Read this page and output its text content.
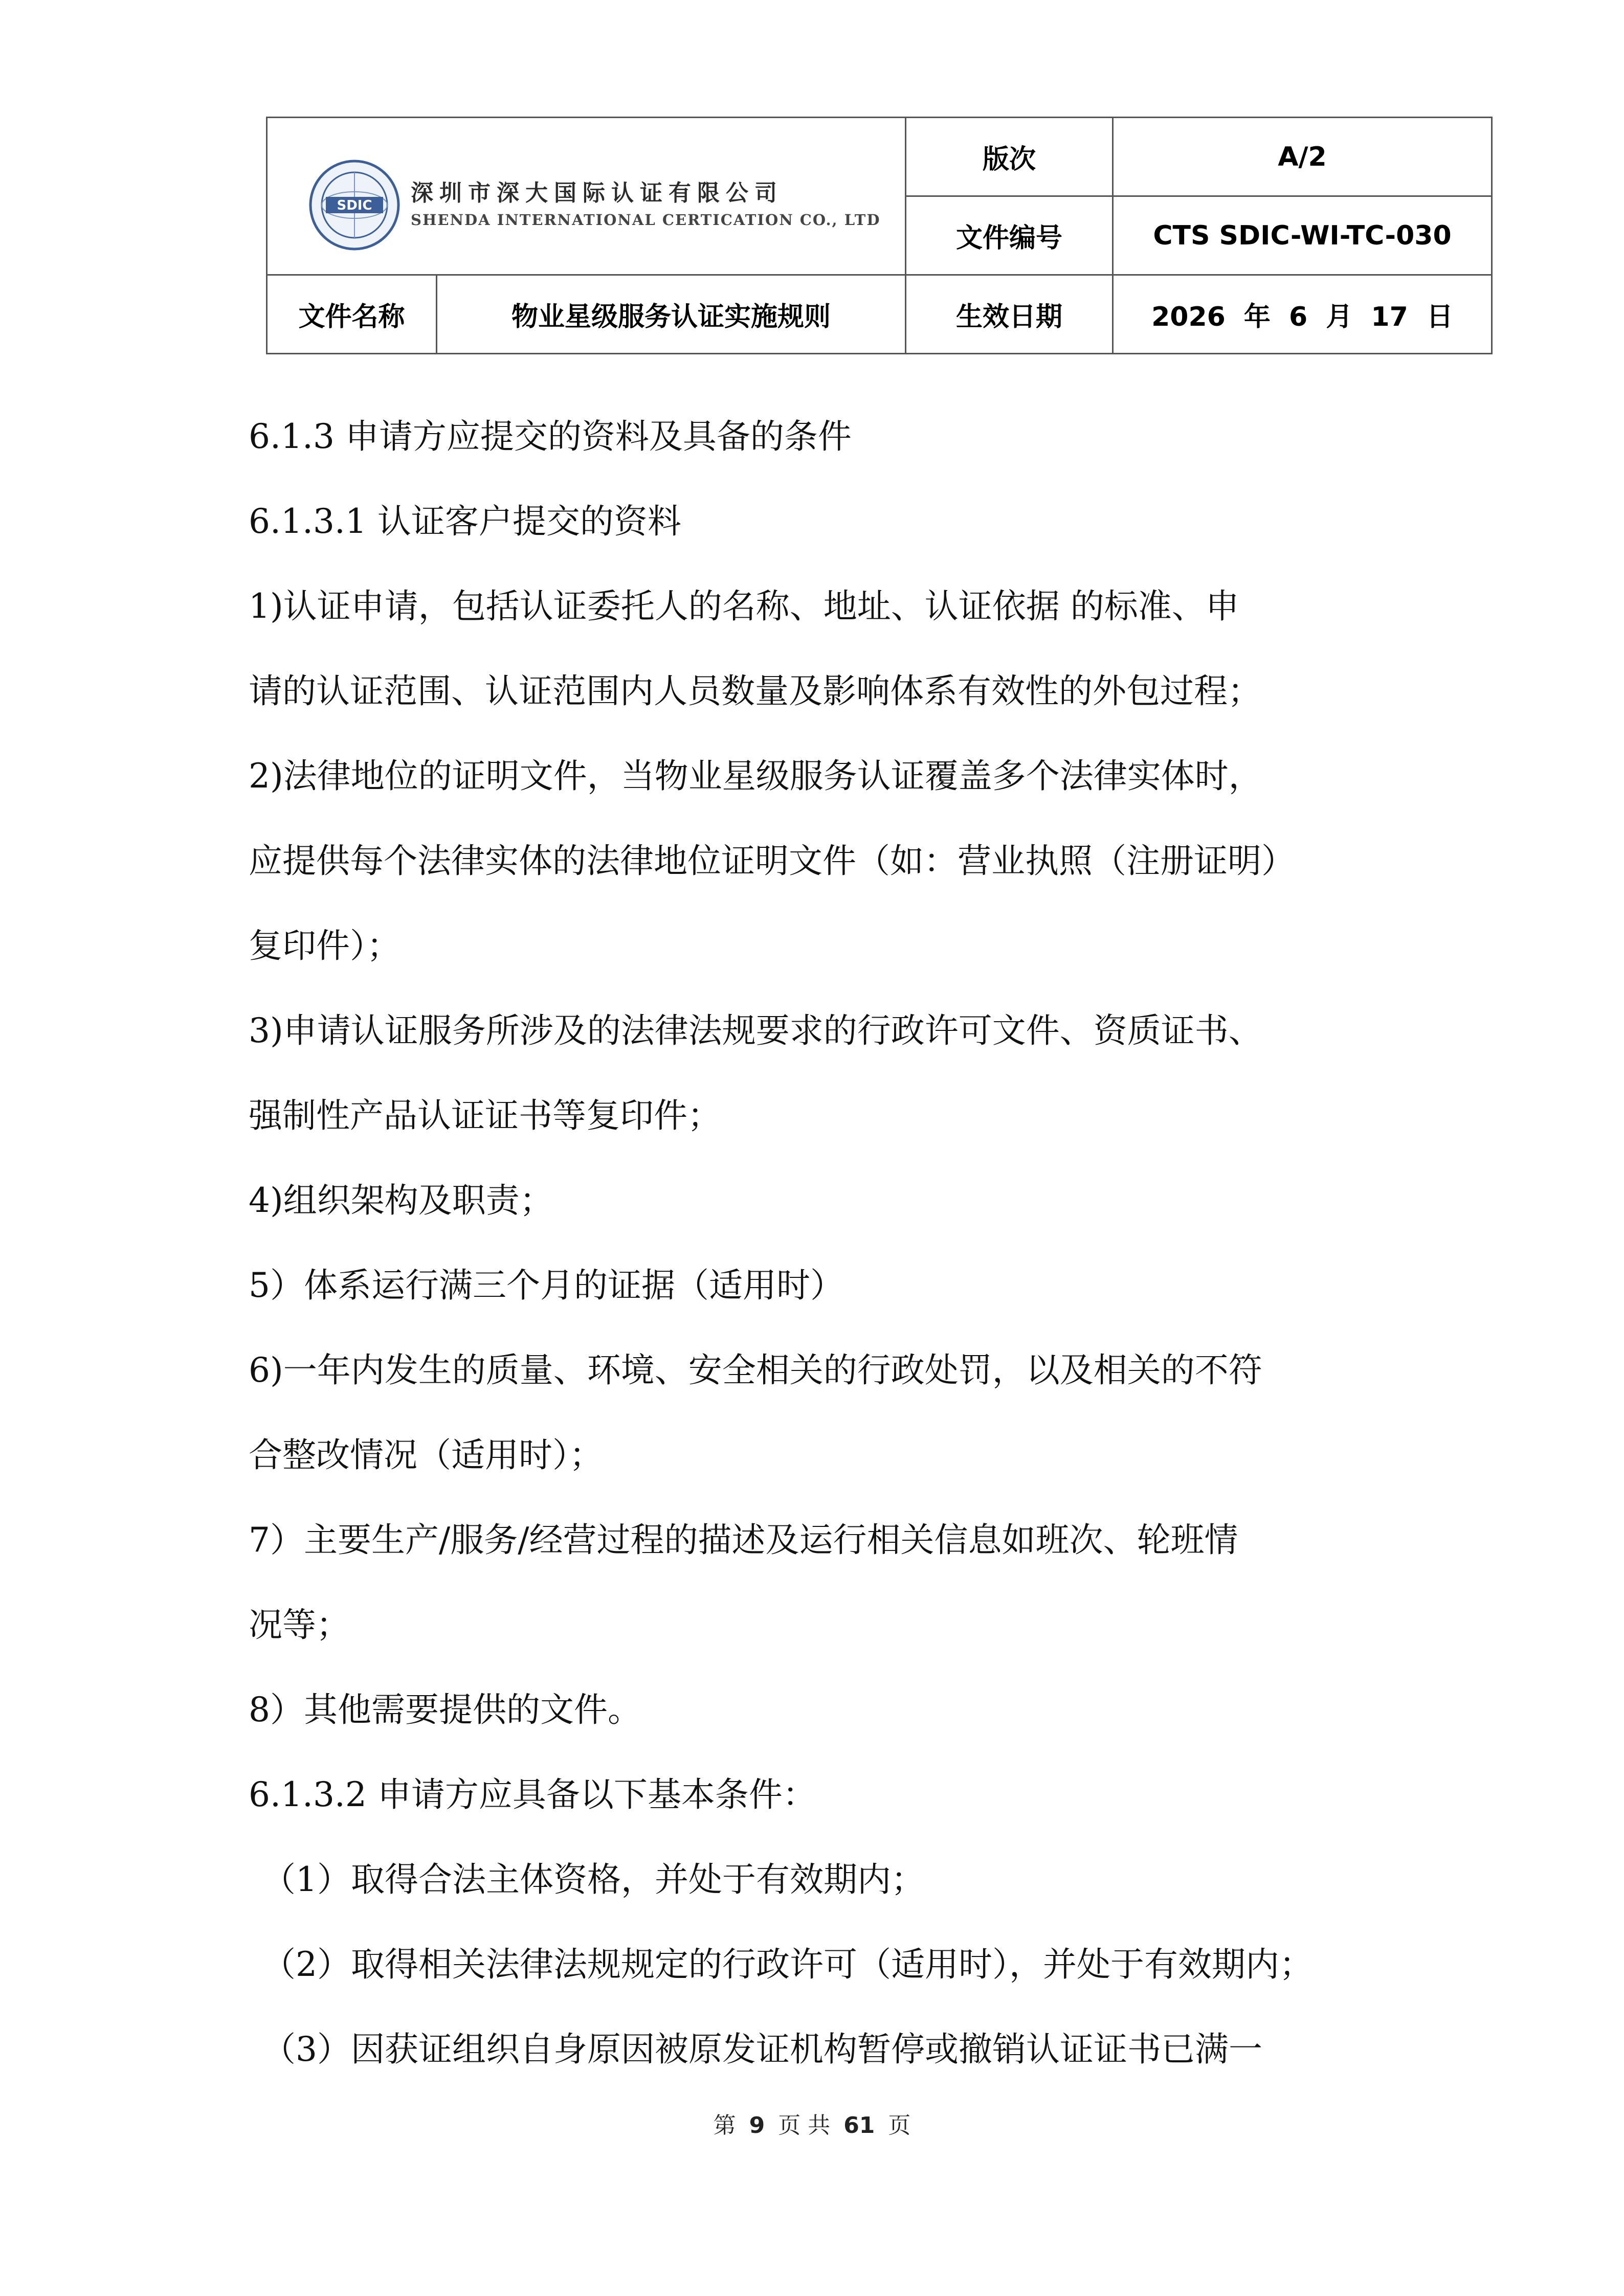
SDIC 深圳市深大国际认证有限公司
SHENDA INTERNATIONAL CERTICATION CO., LTD		版次	A/2
		文件编号	CTS SDIC-WI-TC-030
文件名称	物业星级服务认证实施规则	生效日期	2026 年 6 月 17 日
6.1.3 申请方应提交的资料及具备的条件
6.1.3.1 认证客户提交的资料
1)认证申请，包括认证委托人的名称、地址、认证依据 的标准、申
请的认证范围、认证范围内人员数量及影响体系有效性的外包过程；
2)法律地位的证明文件，当物业星级服务认证覆盖多个法律实体时，
应提供每个法律实体的法律地位证明文件（如：营业执照（注册证明）
复印件）；
3)申请认证服务所涉及的法律法规要求的行政许可文件、资质证书、
强制性产品认证证书等复印件；
4)组织架构及职责；
5）体系运行满三个月的证据（适用时）
6)一年内发生的质量、环境、安全相关的行政处罚，以及相关的不符
合整改情况（适用时）；
7）主要生产/服务/经营过程的描述及运行相关信息如班次、轮班情
况等；
8）其他需要提供的文件。
6.1.3.2 申请方应具备以下基本条件：
（1）取得合法主体资格，并处于有效期内；
（2）取得相关法律法规规定的行政许可（适用时），并处于有效期内；
（3）因获证组织自身原因被原发证机构暂停或撤销认证证书已满一
第 9 页 共 61 页
